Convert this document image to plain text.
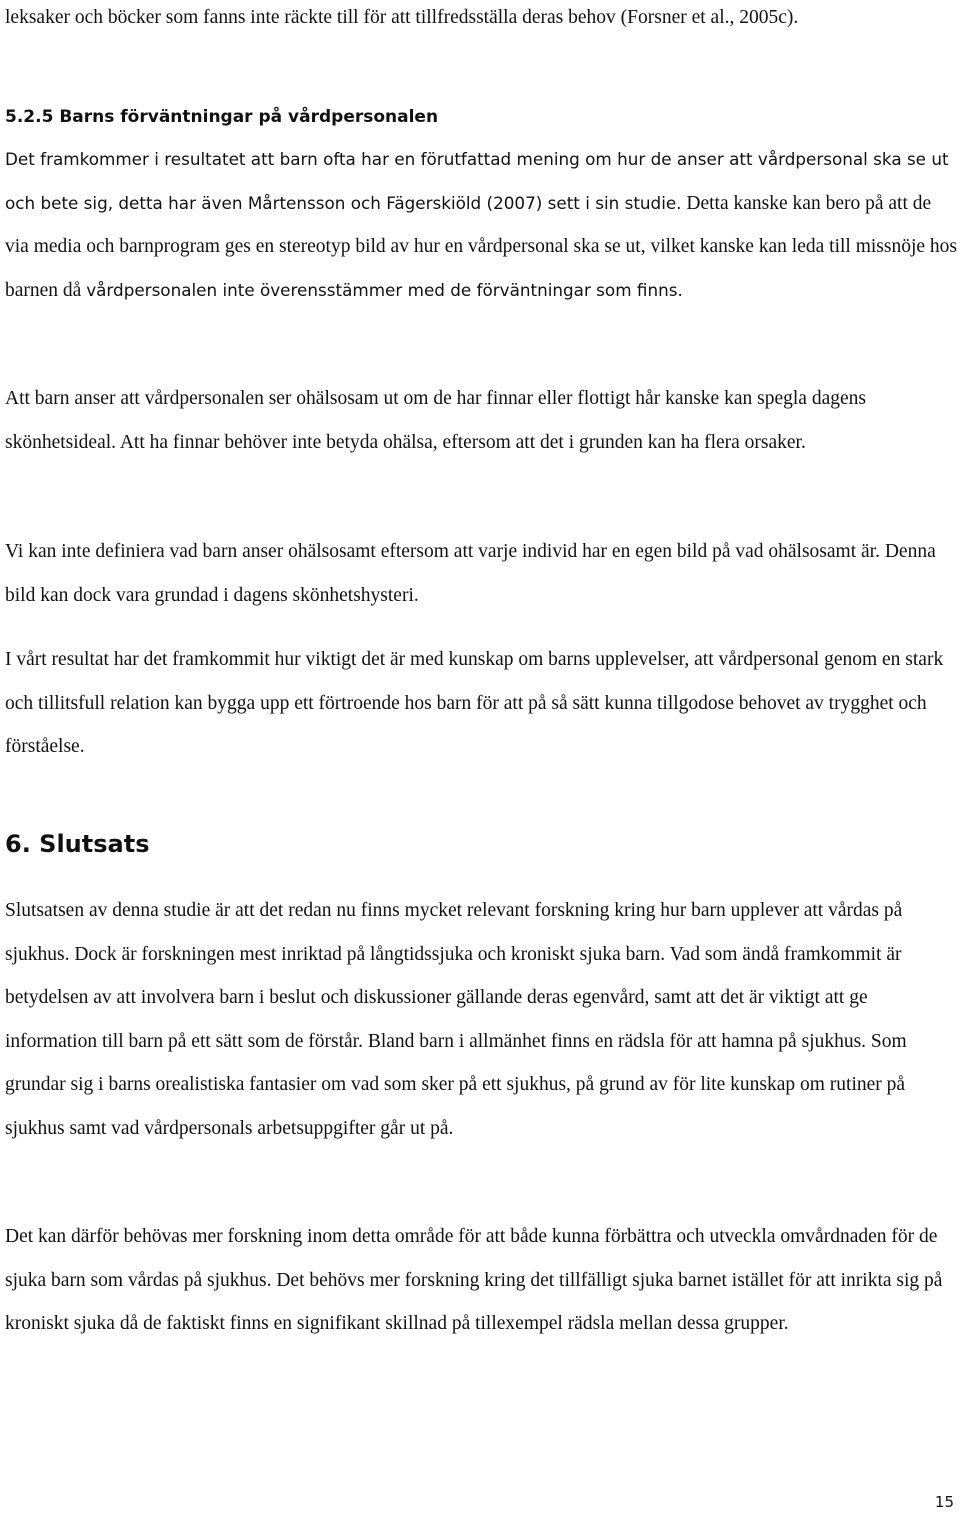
leksaker och böcker som fanns inte räckte till för att tillfredsställa deras behov (Forsner et al., 2005c).

5.2.5 Barns förväntningar på vårdpersonalen

Det framkommer i resultatet att barn ofta har en förutfattad mening om hur de anser att vårdpersonal ska se ut och bete sig, detta har även Mårtensson och Fägerskiöld (2007) sett i sin studie. Detta kanske kan bero på att de via media och barnprogram ges en stereotyp bild av hur en vårdpersonal ska se ut, vilket kanske kan leda till missnöje hos barnen då vårdpersonalen inte överensstämmer med de förväntningar som finns.

Att barn anser att vårdpersonalen ser ohälsosam ut om de har finnar eller flottigt hår kanske kan spegla dagens skönhetsideal. Att ha finnar behöver inte betyda ohälsa, eftersom att det i grunden kan ha flera orsaker.

Vi kan inte definiera vad barn anser ohälsosamt eftersom att varje individ har en egen bild på vad ohälsosamt är. Denna bild kan dock vara grundad i dagens skönhetshysteri.

I vårt resultat har det framkommit hur viktigt det är med kunskap om barns upplevelser, att vårdpersonal genom en stark och tillitsfull relation kan bygga upp ett förtroende hos barn för att på så sätt kunna tillgodose behovet av trygghet och förståelse.

6. Slutsats

Slutsatsen av denna studie är att det redan nu finns mycket relevant forskning kring hur barn upplever att vårdas på sjukhus. Dock är forskningen mest inriktad på långtidssjuka och kroniskt sjuka barn. Vad som ändå framkommit är betydelsen av att involvera barn i beslut och diskussioner gällande deras egenvård, samt att det är viktigt att ge information till barn på ett sätt som de förstår. Bland barn i allmänhet finns en rädsla för att hamna på sjukhus. Som grundar sig i barns orealistiska fantasier om vad som sker på ett sjukhus, på grund av för lite kunskap om rutiner på sjukhus samt vad vårdpersonals arbetsuppgifter går ut på.

Det kan därför behövas mer forskning inom detta område för att både kunna förbättra och utveckla omvårdnaden för de sjuka barn som vårdas på sjukhus. Det behövs mer forskning kring det tillfälligt sjuka barnet istället för att inrikta sig på kroniskt sjuka då de faktiskt finns en signifikant skillnad på tillexempel rädsla mellan dessa grupper.

15
